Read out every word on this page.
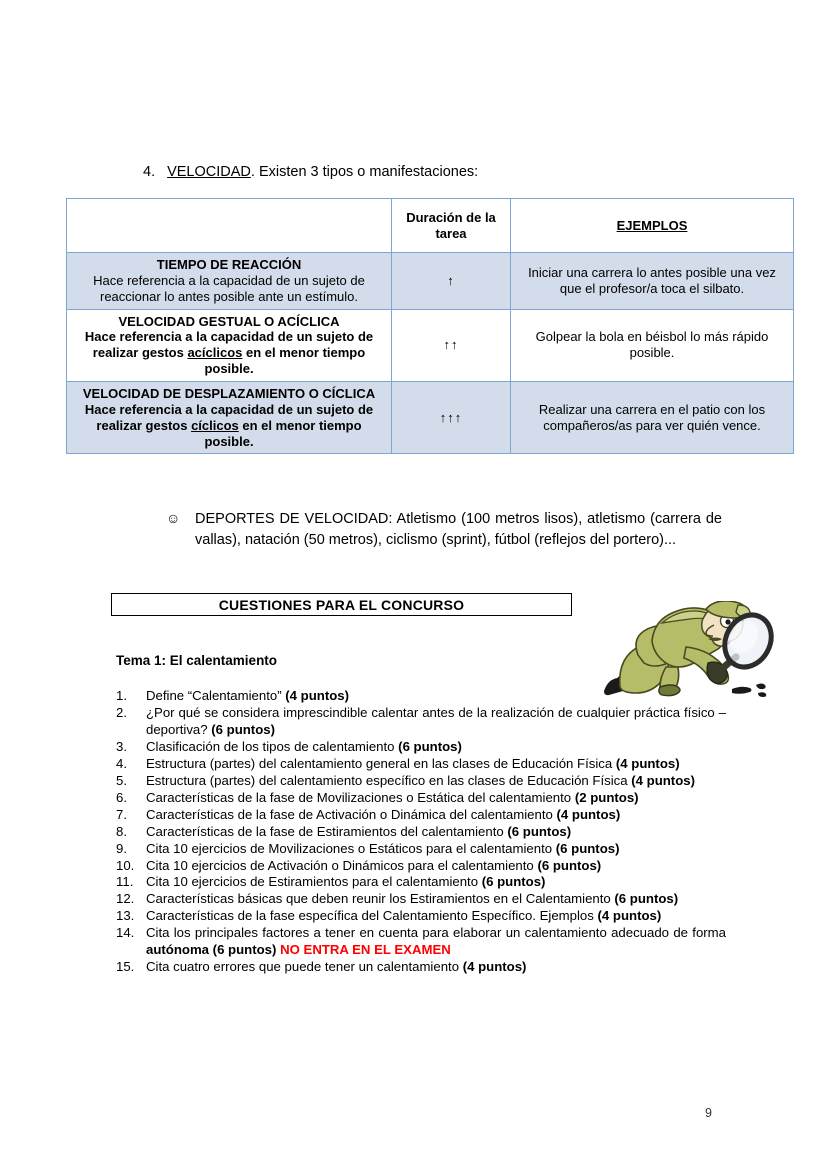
4. VELOCIDAD. Existen 3 tipos o manifestaciones:
	Duración de la tarea	EJEMPLOS

TIEMPO DE REACCIÓN
Hace referencia a la capacidad de un sujeto de reaccionar lo antes posible ante un estímulo.	↑	Iniciar una carrera lo antes posible una vez que el profesor/a toca el silbato.

VELOCIDAD GESTUAL O ACÍCLICA
Hace referencia a la capacidad de un sujeto de realizar gestos acíclicos en el menor tiempo posible.	↑↑	Golpear la bola en béisbol lo más rápido posible.

VELOCIDAD DE DESPLAZAMIENTO O CÍCLICA
Hace referencia a la capacidad de un sujeto de realizar gestos cíclicos en el menor tiempo posible.	↑↑↑	Realizar una carrera en el patio con los compañeros/as para ver quién vence.
☺ DEPORTES DE VELOCIDAD: Atletismo (100 metros lisos), atletismo (carrera de vallas), natación (50 metros), ciclismo (sprint), fútbol (reflejos del portero)...
CUESTIONES PARA EL CONCURSO
Tema 1: El calentamiento
1.	Define “Calentamiento” (4 puntos)
2.	¿Por qué se considera imprescindible calentar antes de la realización de cualquier práctica físico – deportiva? (6 puntos)
3.	Clasificación de los tipos de calentamiento (6 puntos)
4.	Estructura (partes) del calentamiento general en las clases de Educación Física (4 puntos)
5.	Estructura (partes) del calentamiento específico en las clases de Educación Física (4 puntos)
6.	Características de la fase de Movilizaciones o Estática del calentamiento (2 puntos)
7.	Características de la fase de Activación o Dinámica del calentamiento (4 puntos)
8.	Características de la fase de Estiramientos del calentamiento (6 puntos)
9.	Cita 10 ejercicios de Movilizaciones o Estáticos para el calentamiento (6 puntos)
10. Cita 10 ejercicios de Activación o Dinámicos para el calentamiento (6 puntos)
11. Cita 10 ejercicios de Estiramientos para el calentamiento (6 puntos)
12. Características básicas que deben reunir los Estiramientos en el Calentamiento (6 puntos)
13. Características de la fase específica del Calentamiento Específico. Ejemplos (4 puntos)
14. Cita los principales factores a tener en cuenta para elaborar un calentamiento adecuado de forma autónoma (6 puntos) NO ENTRA EN EL EXAMEN
15. Cita cuatro errores que puede tener un calentamiento (4 puntos)
9
